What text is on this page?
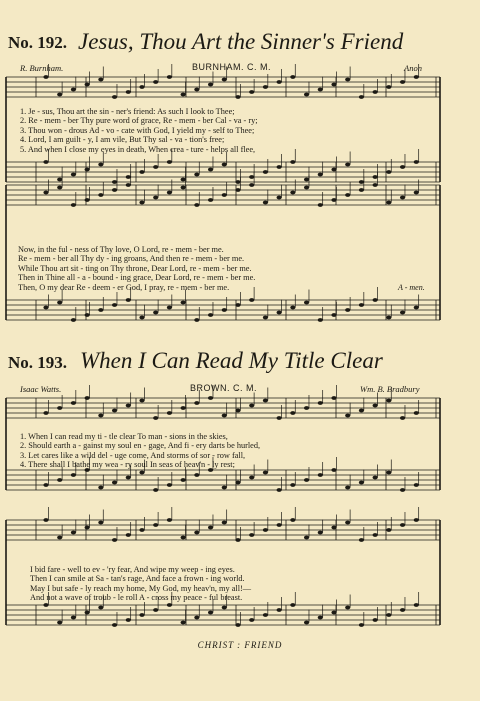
No. 192. Jesus, Thou Art the Sinner's Friend
R. Burnham.	BURNHAM. C. M.	Anon
No. 193. When I Can Read My Title Clear
Isaac Watts.	BROWN. C. M.	Wm. B. Bradbury
1. Je - sus, Thou art the sin - ner's friend: As such I look to Thee;
2. Re - mem - ber Thy pure word of grace, Re - mem - ber Cal - va - ry;
3. Thou won - drous Ad - vo - cate with God, I yield my - self to Thee;
4. Lord, I am guilt - y, I am vile, But Thy sal - va - tion's free;
5. And when I close my eyes in death, When crea - ture - helps all flee,
Now, in the ful - ness of Thy love, O Lord, re - mem - ber me.
Re - mem - ber all Thy dy - ing groans, And then re - mem - ber me.
While Thou art sit - ting on Thy throne, Dear Lord, re - mem - ber me.
Then in Thine all - a - bound - ing grace, Dear Lord, re - mem - ber me.
Then, O my dear Re - deem - er God, I pray, re - mem - ber me.	A - men.
1. When I can read my ti - tle clear To man - sions in the skies,
2. Should earth a - gainst my soul en - gage, And fi - ery darts be hurled,
3. Let cares like a wild del - uge come, And storms of sor - row fall,
4. There shall I bathe my wea - ry soul In seas of heav'n - ly rest;
I bid fare - well to ev - 'ry fear, And wipe my weep - ing eyes.
Then I can smile at Sa - tan's rage, And face a frown - ing world.
May I but safe - ly reach my home, My God, my heav'n, my all!—
And not a wave of troub - le roll A - cross my peace - ful breast.
CHRIST : FRIEND
